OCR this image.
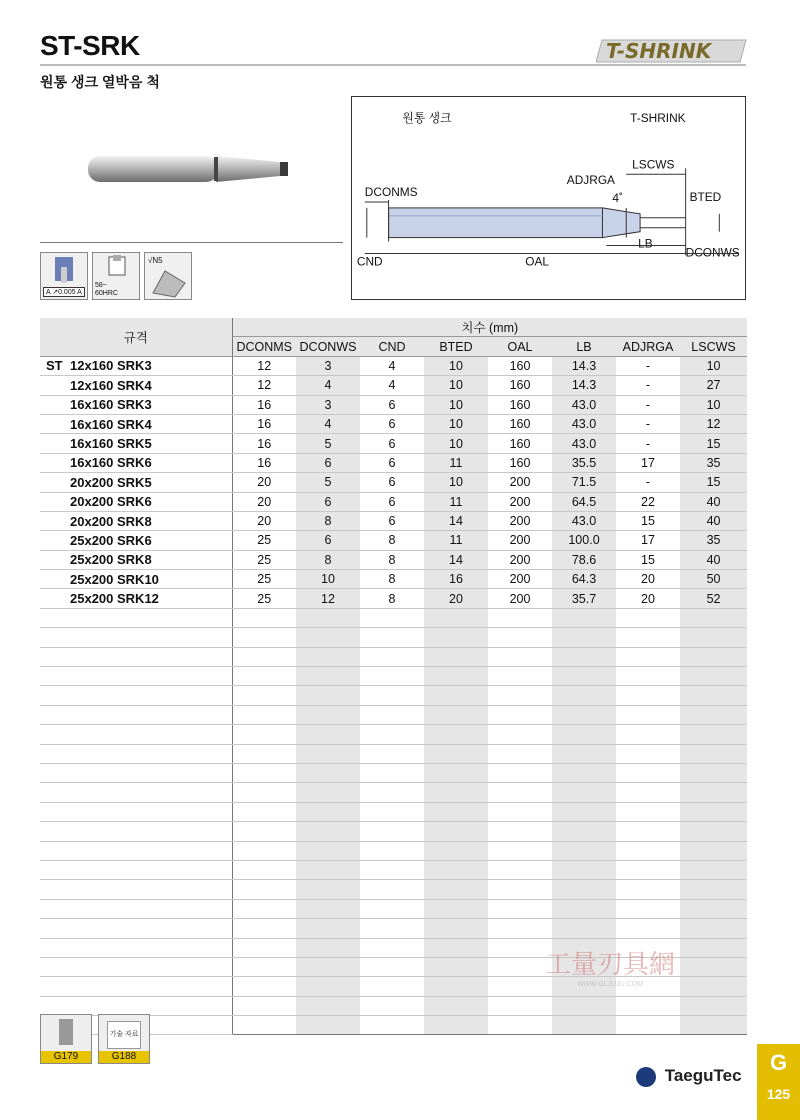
ST-SRK
원통 생크 열박음 척
T-SHRINK
A ↗0.005 A
58~
60HRC
√N5
원통 생크	T-SHRINK
DCONMS
ADJRGA
LSCWS
BTED
4˚
LB
CND	OAL
DCONWS
규격	치수 (mm)							
	DCONMS	DCONWS	CND	BTED	OAL	LB	ADJRGA	LSCWS
ST 12x160 SRK3	12	3	4	10	160	14.3	-	10
12x160 SRK4	12	4	4	10	160	14.3	-	27
16x160 SRK3	16	3	6	10	160	43.0	-	10
16x160 SRK4	16	4	6	10	160	43.0	-	12
16x160 SRK5	16	5	6	10	160	43.0	-	15
16x160 SRK6	16	6	6	11	160	35.5	17	35
20x200 SRK5	20	5	6	10	200	71.5	-	15
20x200 SRK6	20	6	6	11	200	64.5	22	40
20x200 SRK8	20	8	6	14	200	43.0	15	40
25x200 SRK6	25	6	8	11	200	100.0	17	35
25x200 SRK8	25	8	8	14	200	78.6	15	40
25x200 SRK10	25	10	8	16	200	64.3	20	50
25x200 SRK12	25	12	8	20	200	35.7	20	52

G179
기술 자료
G188
工量刃具網
WWW.GLJUJU.COM
TaeguTec
G
125
